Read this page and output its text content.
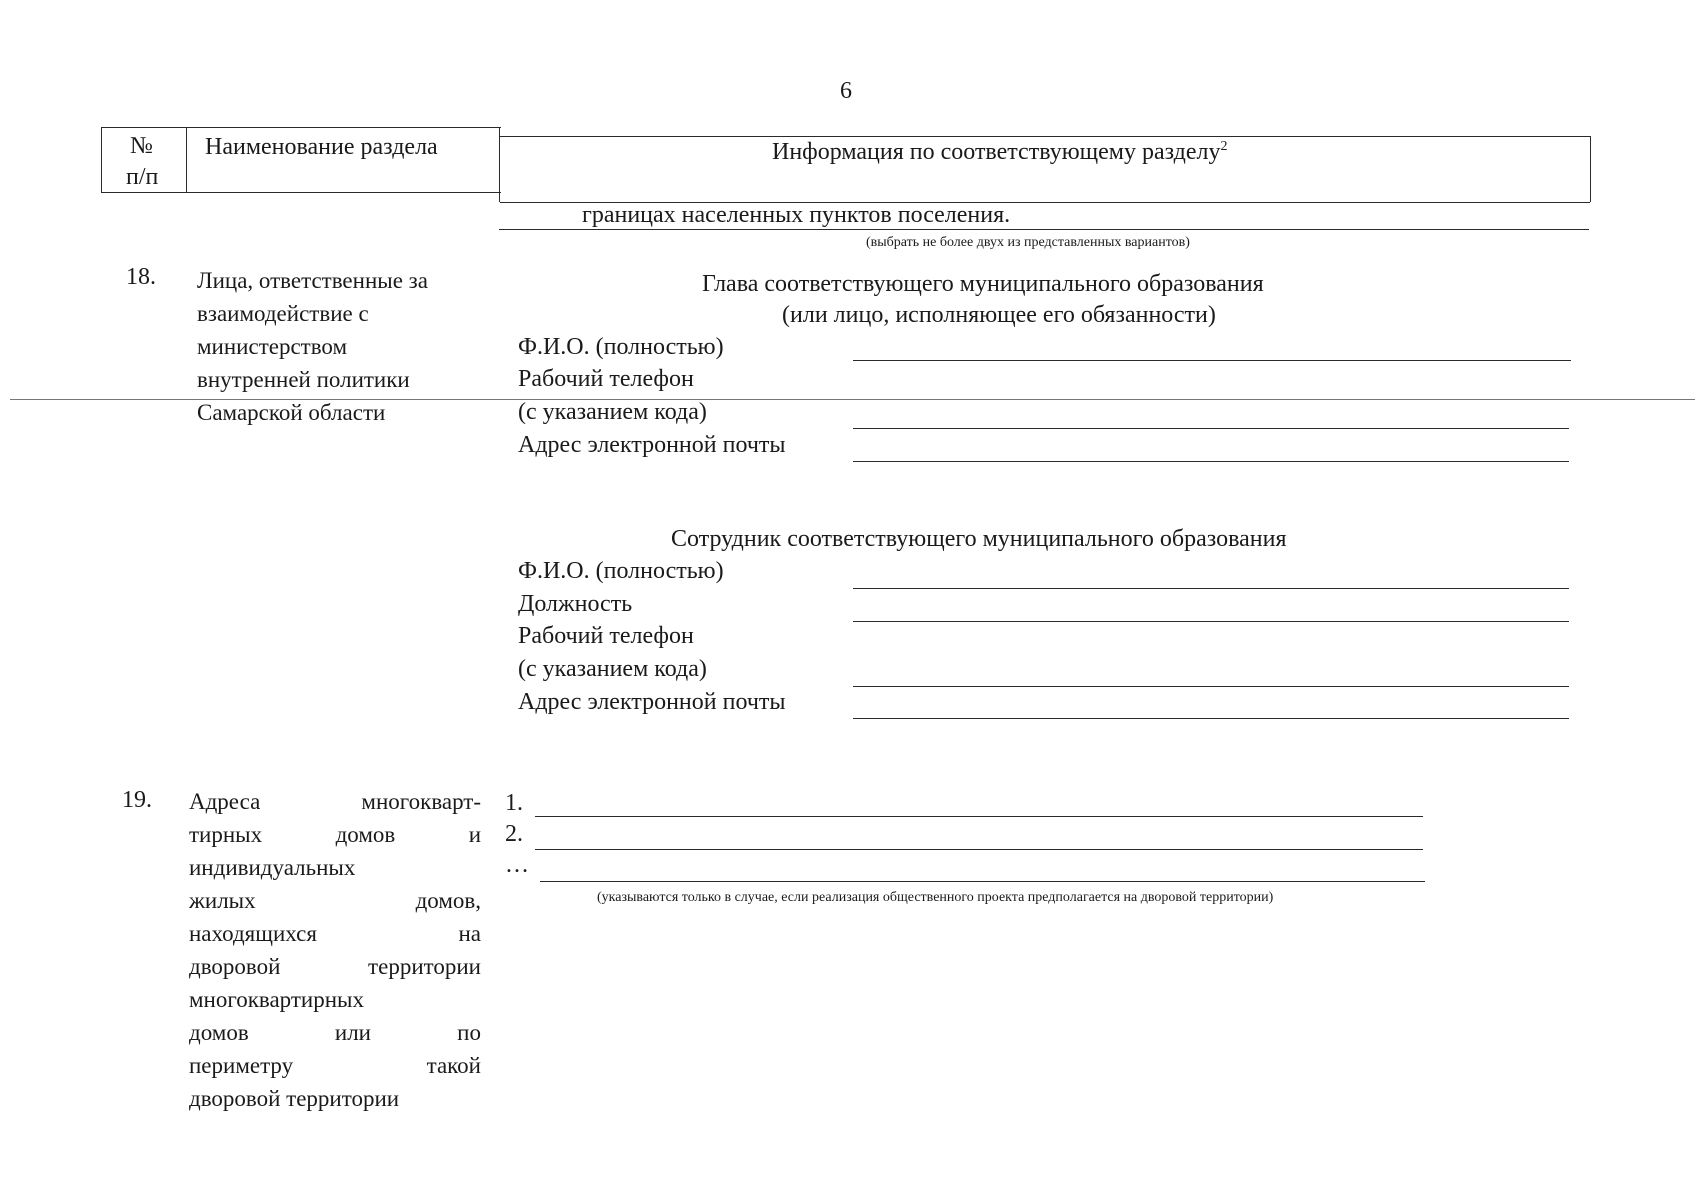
6
№
п/п
Наименование раздела	Информация по соответствующему разделу$^2$
границах населенных пунктов поселения.
(выбрать не более двух из представленных вариантов)
18. Лица, ответственные за
взаимодействие с
министерством
внутренней политики
Самарской области
Глава соответствующего муниципального образования
(или лицо, исполняющее его обязанности)
Ф.И.О. (полностью)
Рабочий телефон
(с указанием кода)
Адрес электронной почты
Сотрудник соответствующего муниципального образования
Ф.И.О. (полностью)
Должность
Рабочий телефон
(с указанием кода)
Адрес электронной почты
19. Адреса многокварт-
тирных домов и
индивидуальных
жилых домов,
находящихся на
дворовой территории
многоквартирных
домов или по
периметру такой
дворовой территории
1.
2.
…
(указываются только в случае, если реализация общественного проекта предполагается на дворовой территории)
